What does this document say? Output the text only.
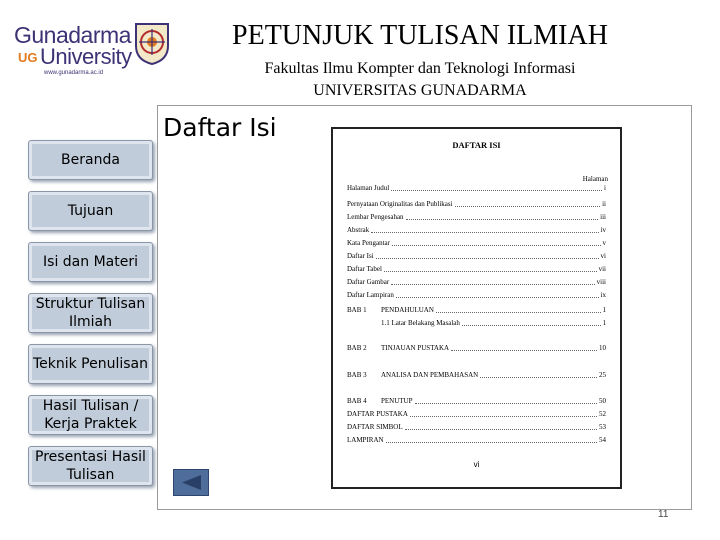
Gunadarma
UG University
www.gunadarma.ac.id
PETUNJUK TULISAN ILMIAH
Fakultas Ilmu Kompter dan Teknologi Informasi
UNIVERSITAS GUNADARMA
Beranda
Tujuan
Isi dan Materi
Struktur Tulisan Ilmiah
Teknik Penulisan
Hasil Tulisan / Kerja Praktek
Presentasi Hasil Tulisan
Daftar Isi
DAFTAR ISI
Halaman
Halaman Judul	i
Pernyataan Originalitas dan Publikasi	ii
Lembar Pengesahan	iii
Abstrak	iv
Kata Pengantar	v
Daftar Isi	vi
Daftar Tabel	vii
Daftar Gambar	viii
Daftar Lampiran	ix
BAB 1	PENDAHULUAN	1
1.1 Latar Belakang Masalah	1
BAB 2	TINJAUAN PUSTAKA	10
BAB 3	ANALISA DAN PEMBAHASAN	25
BAB 4	PENUTUP	50
DAFTAR PUSTAKA	52
DAFTAR SIMBOL	53
LAMPIRAN	54
vi
11
